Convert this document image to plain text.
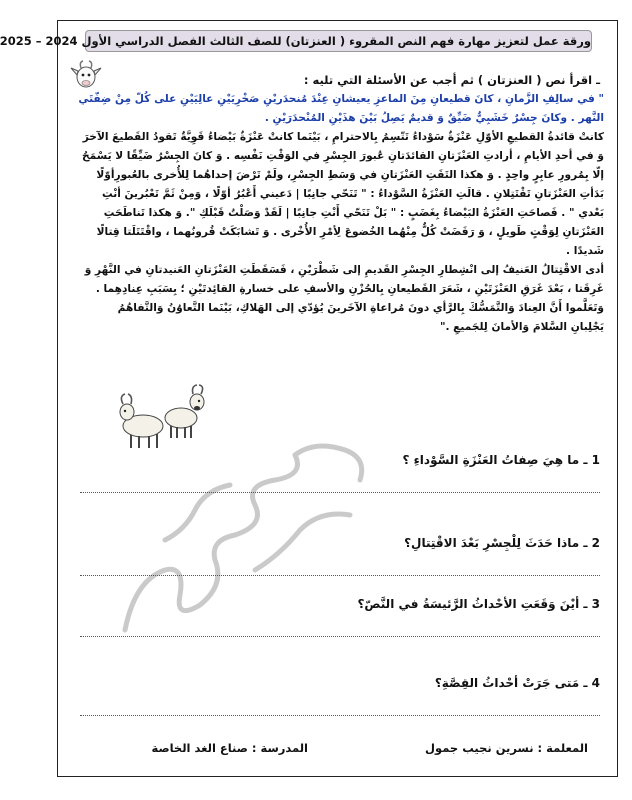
ورقة عمل لتعزيز مهارة فهم النص المقروء ( العنزتان) للصف الثالث الفصل الدراسي الأول 2024 – 2025
ـ اقرأ نص ( العنزتان ) ثم أجب عن الأسئلة التي تليه :

" في سالِفِ الزَّمانِ ، كانَ قطيعانِ مِنَ الماعزِ يعيشانِ عِنْدَ مُنحدَريْنِ صَخْرِيَيْنِ عالِيَيْنِ على كُلّ مِنْ ضِفّتَي
النَّهر . وكانَ جِسْرٌ خَشَبِيٌّ ضَيِّقٌ وَ قديمٌ يَصِلُ بَيْنَ هذَيْنِ المُنْحدَرَيْنِ .
كانتْ قائدةُ القطيعِ الأوّلِ عَنْزَةٌ سَوْداءُ تَتّسِمُ بِالاحترامِ ، بَيْنَما كانتْ عَنْزَةٌ بَيْضاءُ قَوِيَّةٌ تَقودُ القَطيعَ الآخرَ
وَ في أحدِ الأيامِ ، أرادتِ العَنْزَتانِ القائدَتانِ عُبورَ الجِسْرِ في الوَقْتِ نَفْسِه . وَ كانَ الجِسْرُ ضَيِّقًا لا يَسْمَحُ
إلّا بِمُرورِ عابِرٍ واحِدٍ . وَ هكذا التَقَتِ العَنْزَتانِ في وَسَطِ الجِسْرِ، ولَمْ تَرْضَ إحداهُما لِلأُخرى بالعُبورِأوّلًا
بَدَأتِ العَنْزَتانِ تَقْتَتِلانِ . قالَتِ العَنْزَةُ السَّوْداءُ : " تَنَحّي جانِبًا | دَعيني أَعْبُرُ أوّلًا ، وَمِنْ ثَمَّ تَعْبُرينَ أنْتِ
بَعْدي " . فَصاحَتِ العَنْزَةُ البَيْضاءُ بِغَضَبٍ : " بَلْ تَنَحّي أَنْتِ جانِبًا | لَقَدْ وَصَلْتُ قَبْلَكِ ". وَ هكذا تَناطَحَتِ
العَنْزَتانِ لِوَقْتٍ طَويلٍ ، وَ رَفَضَتْ كُلٌّ مِنْهُما الخُضوعَ لِأمْرِ الأُخْرى . وَ تَشابَكَتْ قُرونُهما ، واقْتَتَلَتا قِتالًا
شَديدًا .
أدى الاقْتِتالُ العَنيفُ إلى انْشِطارِ الجِسْرِ القَديمِ إلى شَطْرَيْنِ ، فَسَقَطَتِ العَنْزَتانِ العَنيدتانِ في النَّهْرِ وَ
غَرِقَتا ، بَعْدَ غَرَقِ العَنْزَتَيْنِ ، شَعَرَ القَطيعانِ بِالحُزْنِ والأسفِ على خسارةِ القائِدتَيْنِ ؛ بِسَبَبِ عِنادِهِما .
وَتَعَلَّموا أَنَّ العِنادَ وَالتَّمَسُّكَ بِالرَّأي دونَ مُراعاةِ الآخَرينَ يُؤدّي إلى الهَلاكِ، بَيْنَما التَّعاوُنُ وَالتَّفاهُمُ
يَجْلِبانِ السَّلامَ وَالأمانَ لِلجَميعِ ."

1 ـ ما هِيَ صِفاتُ العَنْزَةِ السَّوْداءِ ؟
2 ـ ماذا حَدَثَ لِلْجِسْرِ بَعْدَ الاقْتِتالِ؟
3 ـ أيْنَ وَقَعَتِ الأحْداثُ الرَّئيسَةُ في النَّصّ؟
4 ـ مَتى جَرَتْ أحْداثُ القِصَّةِ؟
المعلمة : نسرين نجيب جمول
المدرسة : صناع الغد الخاصة
